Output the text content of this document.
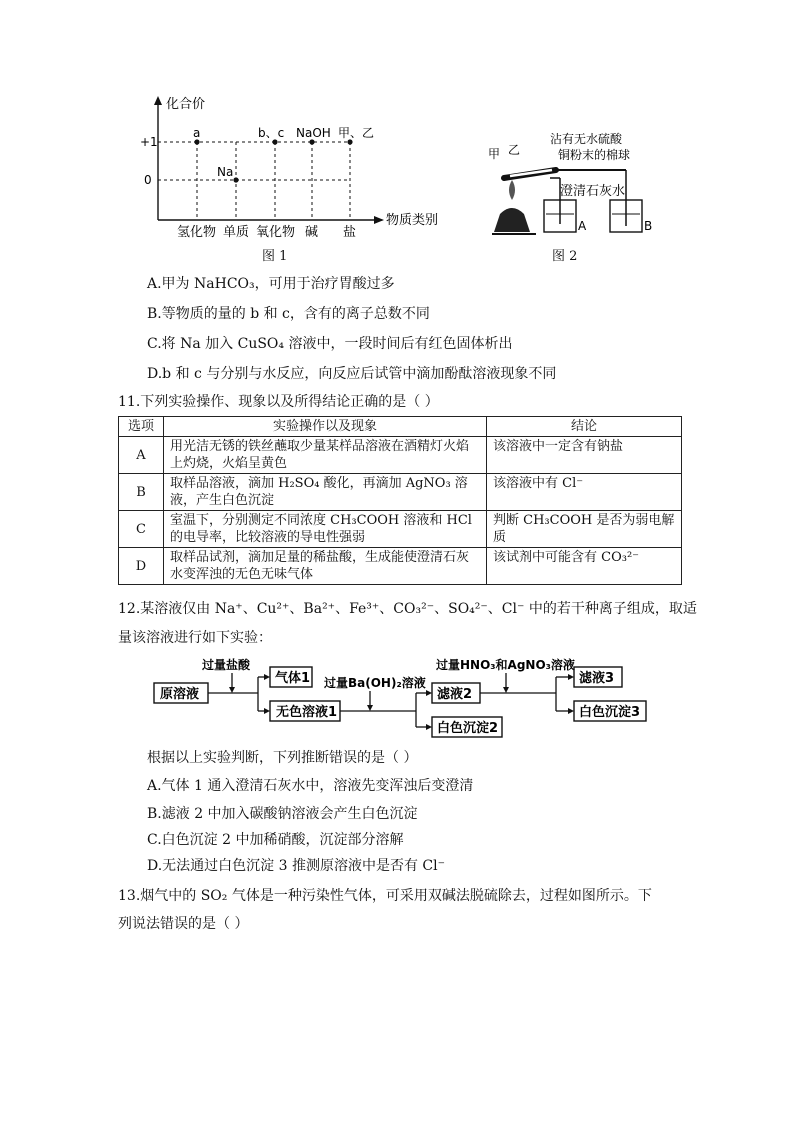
化合价
物质类别
+1
0
a	b、c NaOH 甲、乙
Na
氢化物 单质 氧化物 碱 盐
图 1
甲 乙
沾有无水硫酸
铜粉末的棉球
澄清石灰水
A	B
图 2
A.甲为 NaHCO₃，可用于治疗胃酸过多
B.等物质的量的 b 和 c，含有的离子总数不同
C.将 Na 加入 CuSO₄ 溶液中，一段时间后有红色固体析出
D.b 和 c 与分别与水反应，向反应后试管中滴加酚酞溶液现象不同
11.下列实验操作、现象以及所得结论正确的是（ ）
选项	实验操作以及现象	结论
A	用光洁无锈的铁丝蘸取少量某样品溶液在酒精灯火焰上灼烧，火焰呈黄色	该溶液中一定含有钠盐
B	取样品溶液，滴加 H₂SO₄ 酸化，再滴加 AgNO₃ 溶液，产生白色沉淀	该溶液中有 Cl⁻
C	室温下，分别测定不同浓度 CH₃COOH 溶液和 HCl 的电导率，比较溶液的导电性强弱	判断 CH₃COOH 是否为弱电解质
D	取样品试剂，滴加足量的稀盐酸，生成能使澄清石灰水变浑浊的无色无味气体	该试剂中可能含有 CO₃²⁻
12.某溶液仅由 Na⁺、Cu²⁺、Ba²⁺、Fe³⁺、CO₃²⁻、SO₄²⁻、Cl⁻ 中的若干种离子组成，取适
量该溶液进行如下实验：
过量盐酸
过量Ba(OH)₂溶液
过量HNO₃和AgNO₃溶液
原溶液
气体1
无色溶液1
滤液2
白色沉淀2
滤液3
白色沉淀3
根据以上实验判断，下列推断错误的是（ ）
A.气体 1 通入澄清石灰水中，溶液先变浑浊后变澄清
B.滤液 2 中加入碳酸钠溶液会产生白色沉淀
C.白色沉淀 2 中加稀硝酸，沉淀部分溶解
D.无法通过白色沉淀 3 推测原溶液中是否有 Cl⁻
13.烟气中的 SO₂ 气体是一种污染性气体，可采用双碱法脱硫除去，过程如图所示。下
列说法错误的是（ ）
